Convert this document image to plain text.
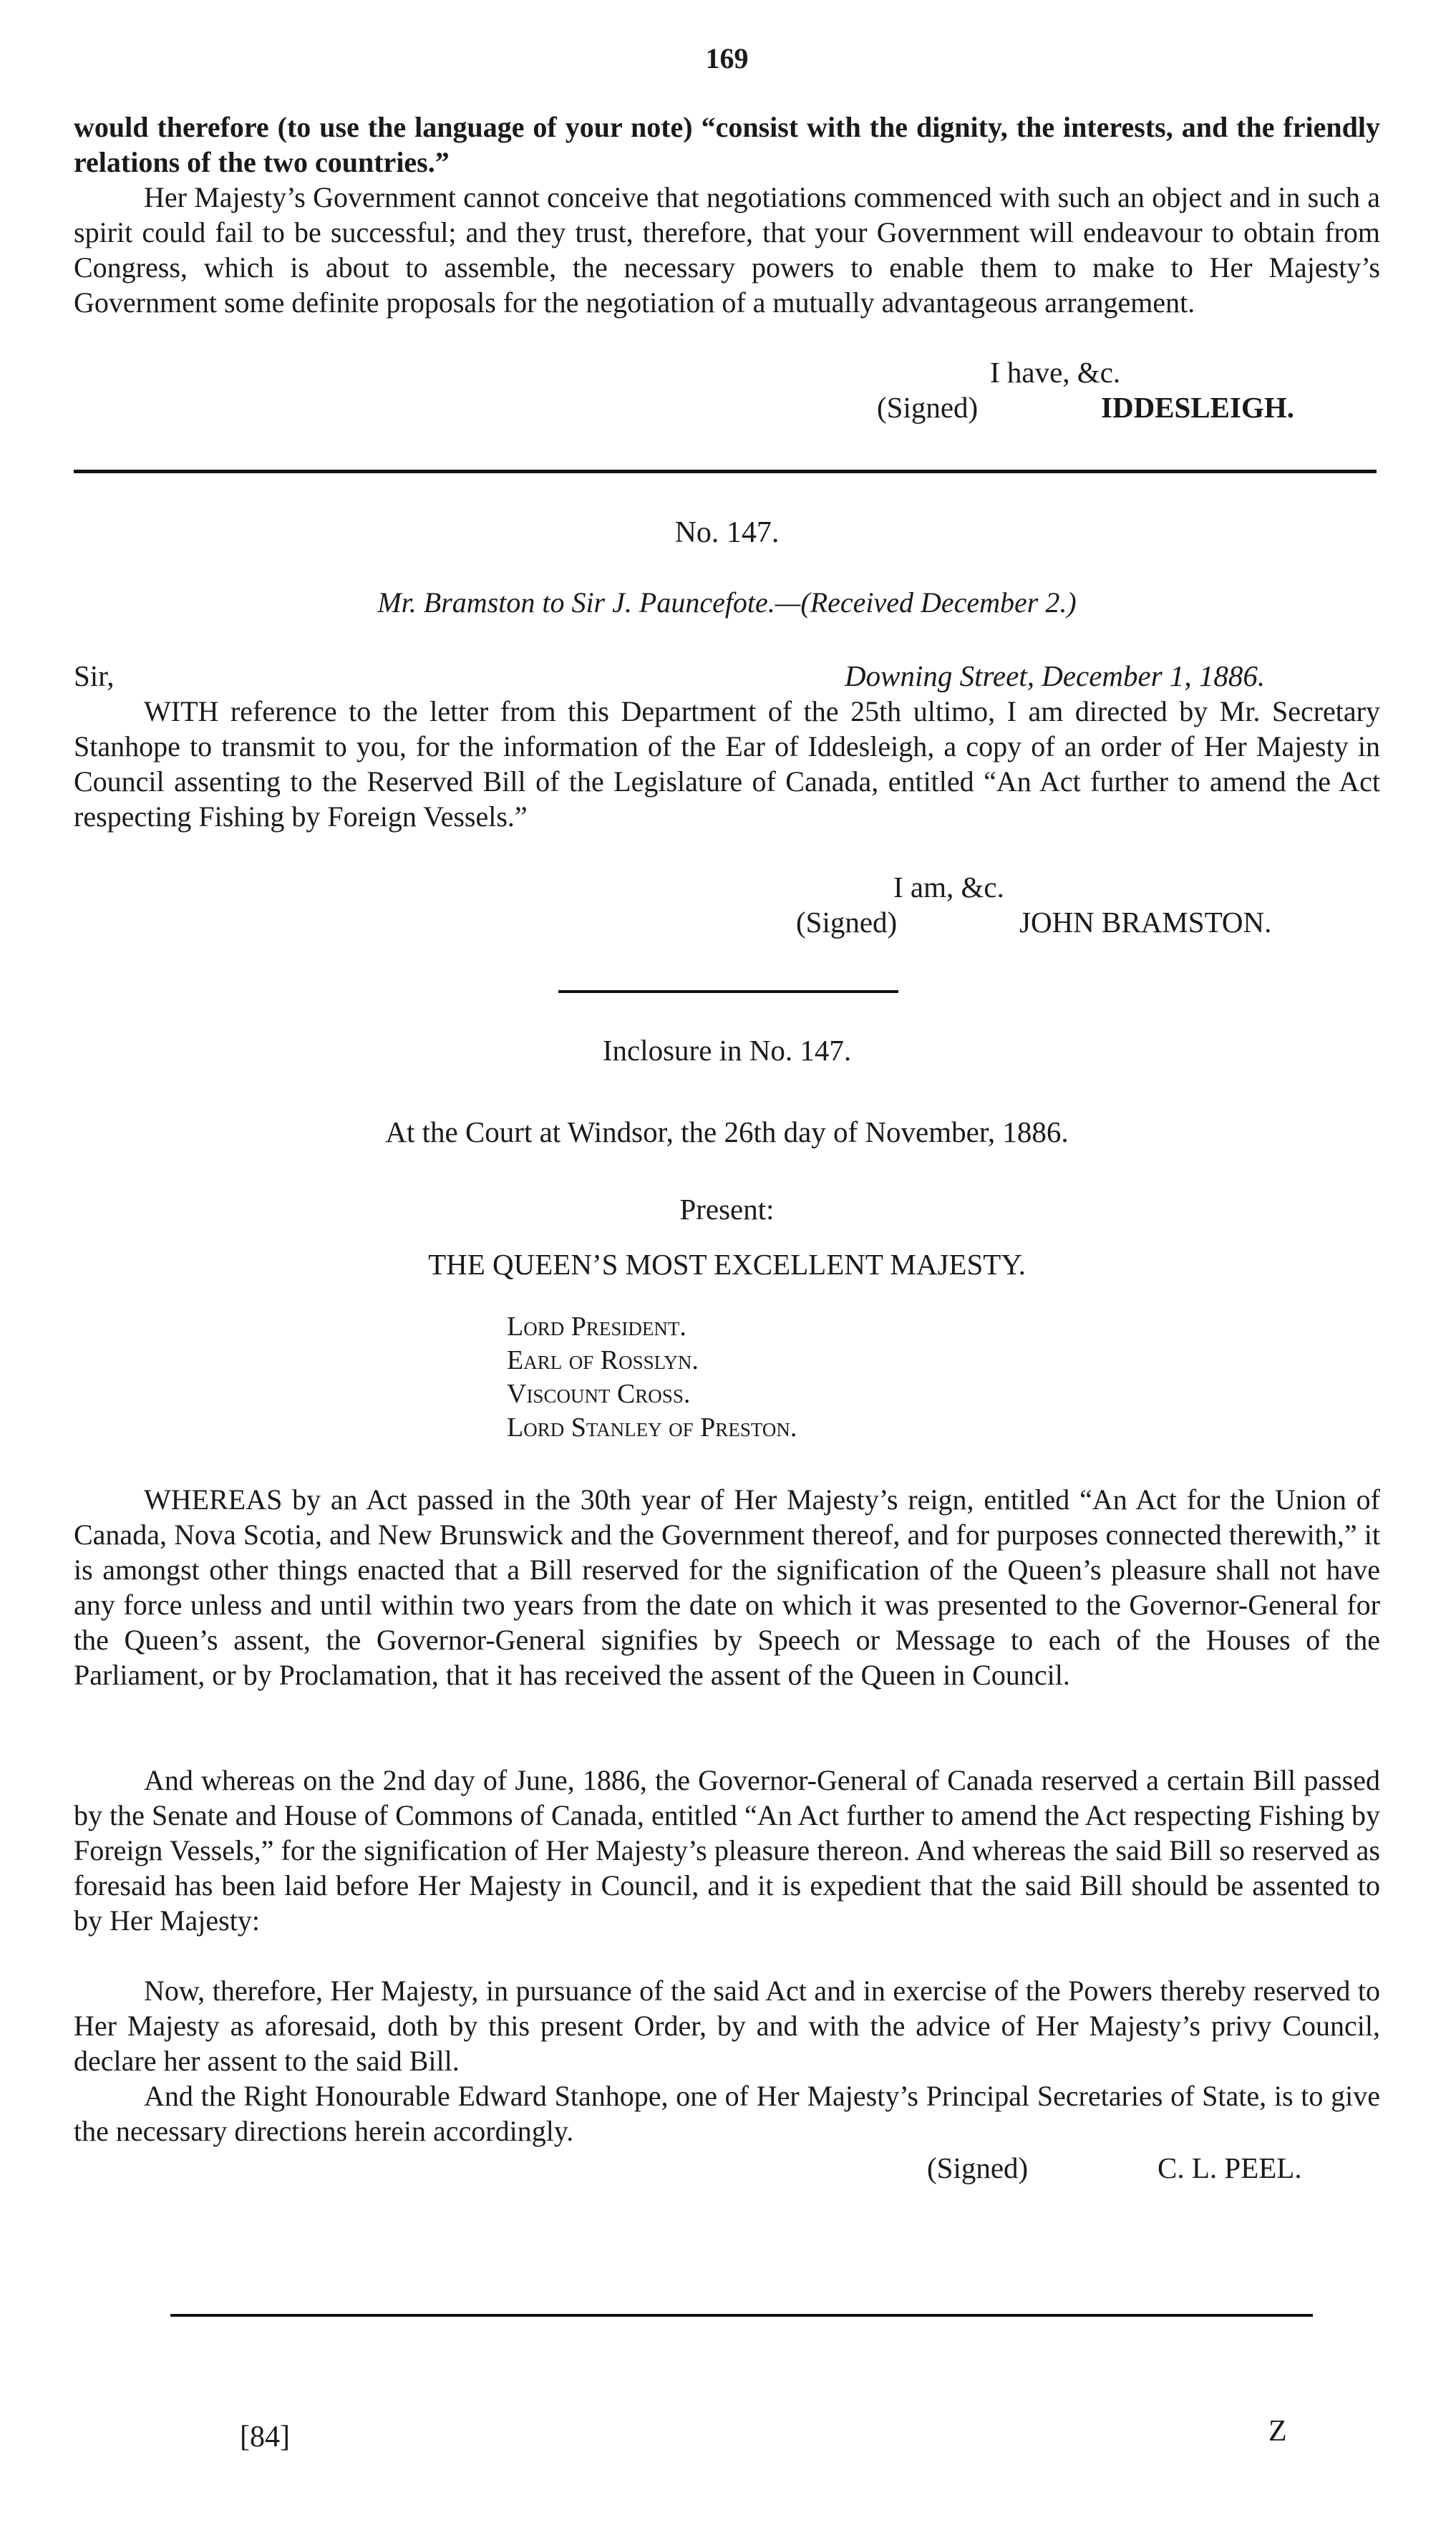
169

would therefore (to use the language of your note) “consist with the dignity, the interests, and the friendly relations of the two countries.”

Her Majesty’s Government cannot conceive that negotiations commenced with such an object and in such a spirit could fail to be successful; and they trust, therefore, that your Government will endeavour to obtain from Congress, which is about to assemble, the necessary powers to enable them to make to Her Majesty’s Government some definite proposals for the negotiation of a mutually advantageous arrangement.

I have, &c.

(Signed)	IDDESLEIGH.

No. 147.

Mr. Bramston to Sir J. Pauncefote.—(Received December 2.)

Sir,	Downing Street, December 1, 1886.

WITH reference to the letter from this Department of the 25th ultimo, I am directed by Mr. Secretary Stanhope to transmit to you, for the information of the Ear of Iddesleigh, a copy of an order of Her Majesty in Council assenting to the Reserved Bill of the Legislature of Canada, entitled “An Act further to amend the Act respecting Fishing by Foreign Vessels.”

I am, &c.

(Signed)	JOHN BRAMSTON.

Inclosure in No. 147.

At the Court at Windsor, the 26th day of November, 1886.

Present:

THE QUEEN’S MOST EXCELLENT MAJESTY.

Lord President.

Earl of Rosslyn.

Viscount Cross.

Lord Stanley of Preston.

WHEREAS by an Act passed in the 30th year of Her Majesty’s reign, entitled “An Act for the Union of Canada, Nova Scotia, and New Brunswick and the Government thereof, and for purposes connected therewith,” it is amongst other things enacted that a Bill reserved for the signification of the Queen’s pleasure shall not have any force unless and until within two years from the date on which it was presented to the Governor-General for the Queen’s assent, the Governor-General signifies by Speech or Message to each of the Houses of the Parliament, or by Proclamation, that it has received the assent of the Queen in Council.

And whereas on the 2nd day of June, 1886, the Governor-General of Canada reserved a certain Bill passed by the Senate and House of Commons of Canada, entitled “An Act further to amend the Act respecting Fishing by Foreign Vessels,” for the signification of Her Majesty’s pleasure thereon. And whereas the said Bill so reserved as foresaid has been laid before Her Majesty in Council, and it is expedient that the said Bill should be assented to by Her Majesty:

Now, therefore, Her Majesty, in pursuance of the said Act and in exercise of the Powers thereby reserved to Her Majesty as aforesaid, doth by this present Order, by and with the advice of Her Majesty’s privy Council, declare her assent to the said Bill.

And the Right Honourable Edward Stanhope, one of Her Majesty’s Principal Secretaries of State, is to give the necessary directions herein accordingly.

(Signed)	C. L. PEEL.

[84]	Z
